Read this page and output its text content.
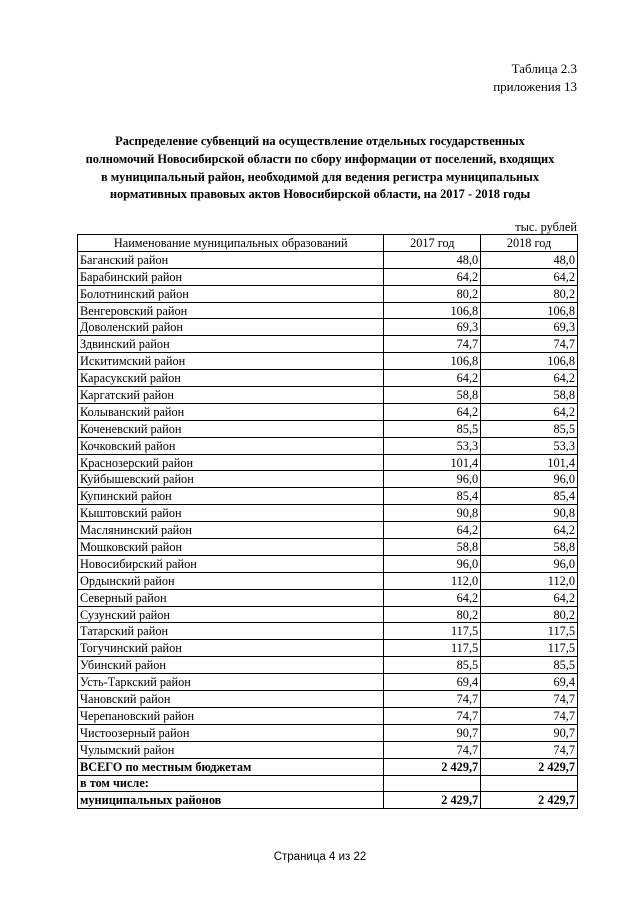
Таблица 2.3
приложения 13
Распределение субвенций на осуществление отдельных государственных
полномочий Новосибирской области по сбору информации от поселений, входящих
в муниципальный район, необходимой для ведения регистра муниципальных
нормативных правовых актов Новосибирской области, на 2017 - 2018 годы
тыс. рублей
Наименование муниципальных образований	2017 год	2018 год
Баганский район	48,0	48,0
Барабинский район	64,2	64,2
Болотнинский район	80,2	80,2
Венгеровский район	106,8	106,8
Доволенский район	69,3	69,3
Здвинский район	74,7	74,7
Искитимский район	106,8	106,8
Карасукский район	64,2	64,2
Каргатский район	58,8	58,8
Колыванский район	64,2	64,2
Коченевский район	85,5	85,5
Кочковский район	53,3	53,3
Краснозерский район	101,4	101,4
Куйбышевский район	96,0	96,0
Купинский район	85,4	85,4
Кыштовский район	90,8	90,8
Маслянинский район	64,2	64,2
Мошковский район	58,8	58,8
Новосибирский район	96,0	96,0
Ордынский район	112,0	112,0
Северный район	64,2	64,2
Сузунский район	80,2	80,2
Татарский район	117,5	117,5
Тогучинский район	117,5	117,5
Убинский район	85,5	85,5
Усть-Таркский район	69,4	69,4
Чановский район	74,7	74,7
Черепановский район	74,7	74,7
Чистоозерный район	90,7	90,7
Чулымский район	74,7	74,7
ВСЕГО по местным бюджетам	2 429,7	2 429,7
в том числе:		
муниципальных районов	2 429,7	2 429,7
Страница 4 из 22
